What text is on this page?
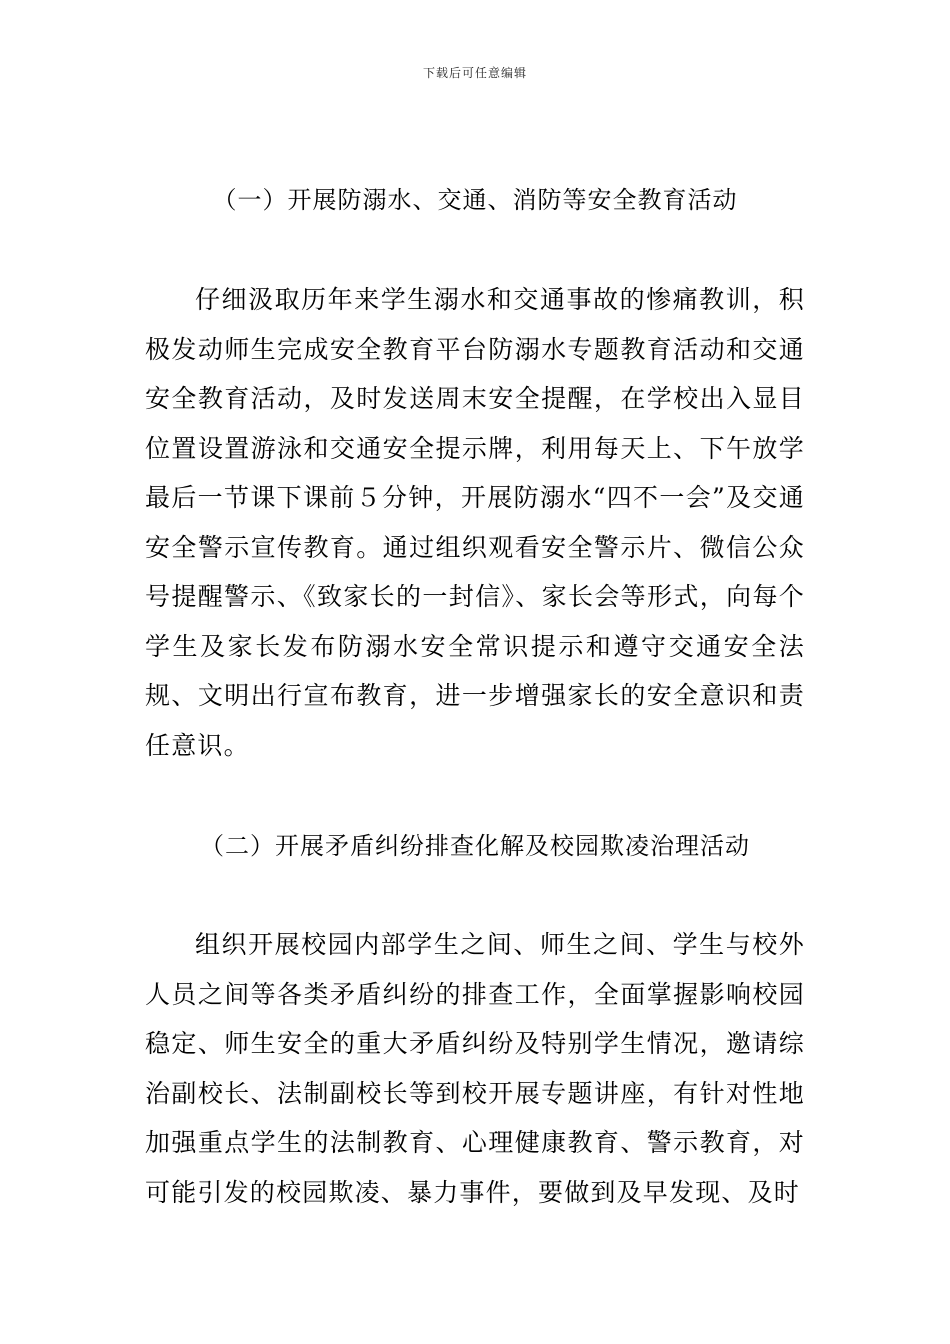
下载后可任意编辑
（一）开展防溺水、交通、消防等安全教育活动

仔细汲取历年来学生溺水和交通事故的惨痛教训，积极发动师生完成安全教育平台防溺水专题教育活动和交通安全教育活动，及时发送周末安全提醒，在学校出入显目位置设置游泳和交通安全提示牌，利用每天上、下午放学最后一节课下课前５分钟，开展防溺水“四不一会”及交通安全警示宣传教育。通过组织观看安全警示片、微信公众号提醒警示、《致家长的一封信》、家长会等形式，向每个学生及家长发布防溺水安全常识提示和遵守交通安全法规、文明出行宣布教育，进一步增强家长的安全意识和责任意识。

（二）开展矛盾纠纷排查化解及校园欺凌治理活动

组织开展校园内部学生之间、师生之间、学生与校外人员之间等各类矛盾纠纷的排查工作，全面掌握影响校园稳定、师生安全的重大矛盾纠纷及特别学生情况，邀请综治副校长、法制副校长等到校开展专题讲座，有针对性地加强重点学生的法制教育、心理健康教育、警示教育，对可能引发的校园欺凌、暴力事件，要做到及早发现、及时
